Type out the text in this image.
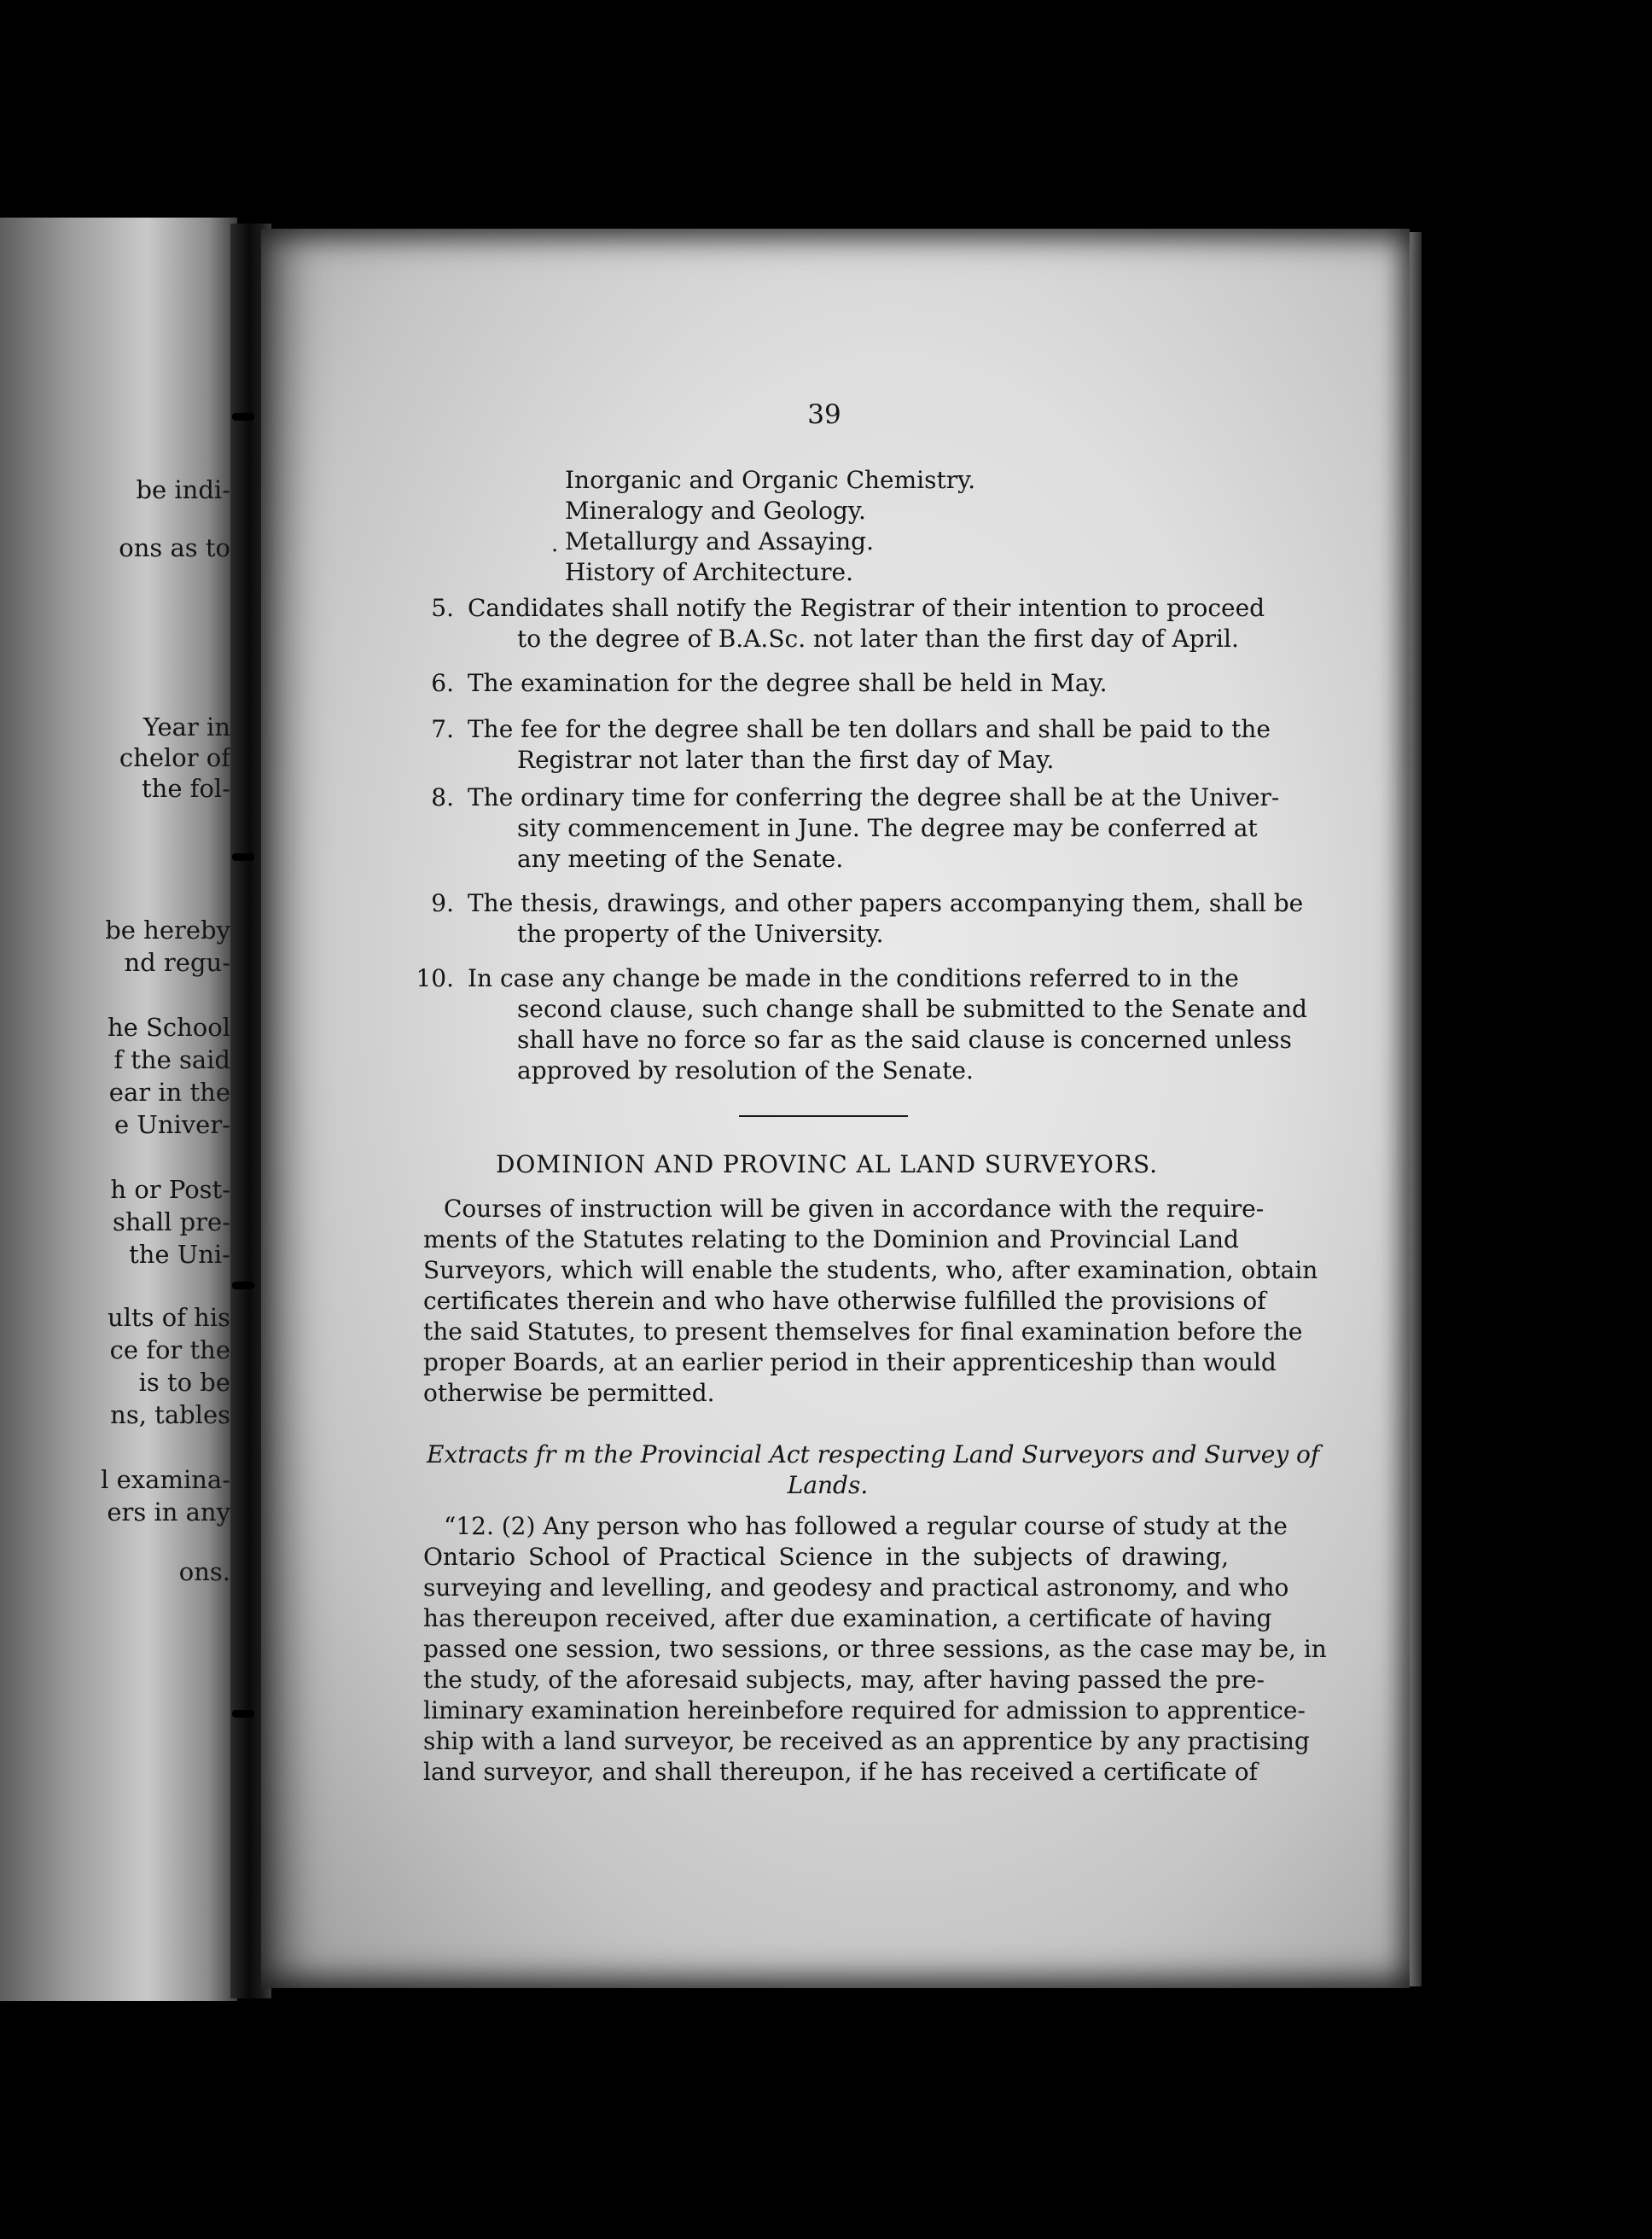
be indi-
ons as to
Year in
chelor of
the fol-
be hereby
nd regu-
he School
f the said
ear in the
e Univer-
h or Post-
shall pre-
the Uni-
ults of his
ce for the
is to be
ns, tables
l examina-
ers in any
ons.
39
Inorganic and Organic Chemistry.
Mineralogy and Geology.
· Metallurgy and Assaying.
History of Architecture.
5. Candidates shall notify the Registrar of their intention to proceed
to the degree of B.A.Sc. not later than the first day of April.
6. The examination for the degree shall be held in May.
7. The fee for the degree shall be ten dollars and shall be paid to the
Registrar not later than the first day of May.
8. The ordinary time for conferring the degree shall be at the Univer-
sity commencement in June. The degree may be conferred at
any meeting of the Senate.
9. The thesis, drawings, and other papers accompanying them, shall be
the property of the University.
10. In case any change be made in the conditions referred to in the
second clause, such change shall be submitted to the Senate and
shall have no force so far as the said clause is concerned unless
approved by resolution of the Senate.
DOMINION AND PROVINC AL LAND SURVEYORS.
Courses of instruction will be given in accordance with the require-
ments of the Statutes relating to the Dominion and Provincial Land
Surveyors, which will enable the students, who, after examination, obtain
certificates therein and who have otherwise fulfilled the provisions of
the said Statutes, to present themselves for final examination before the
proper Boards, at an earlier period in their apprenticeship than would
otherwise be permitted.
Extracts fr m the Provincial Act respecting Land Surveyors and Survey of
Lands.
“12. (2) Any person who has followed a regular course of study at the
Ontario School of Practical Science in the subjects of drawing,
surveying and levelling, and geodesy and practical astronomy, and who
has thereupon received, after due examination, a certificate of having
passed one session, two sessions, or three sessions, as the case may be, in
the study, of the aforesaid subjects, may, after having passed the pre-
liminary examination hereinbefore required for admission to apprentice-
ship with a land surveyor, be received as an apprentice by any practising
land surveyor, and shall thereupon, if he has received a certificate of
